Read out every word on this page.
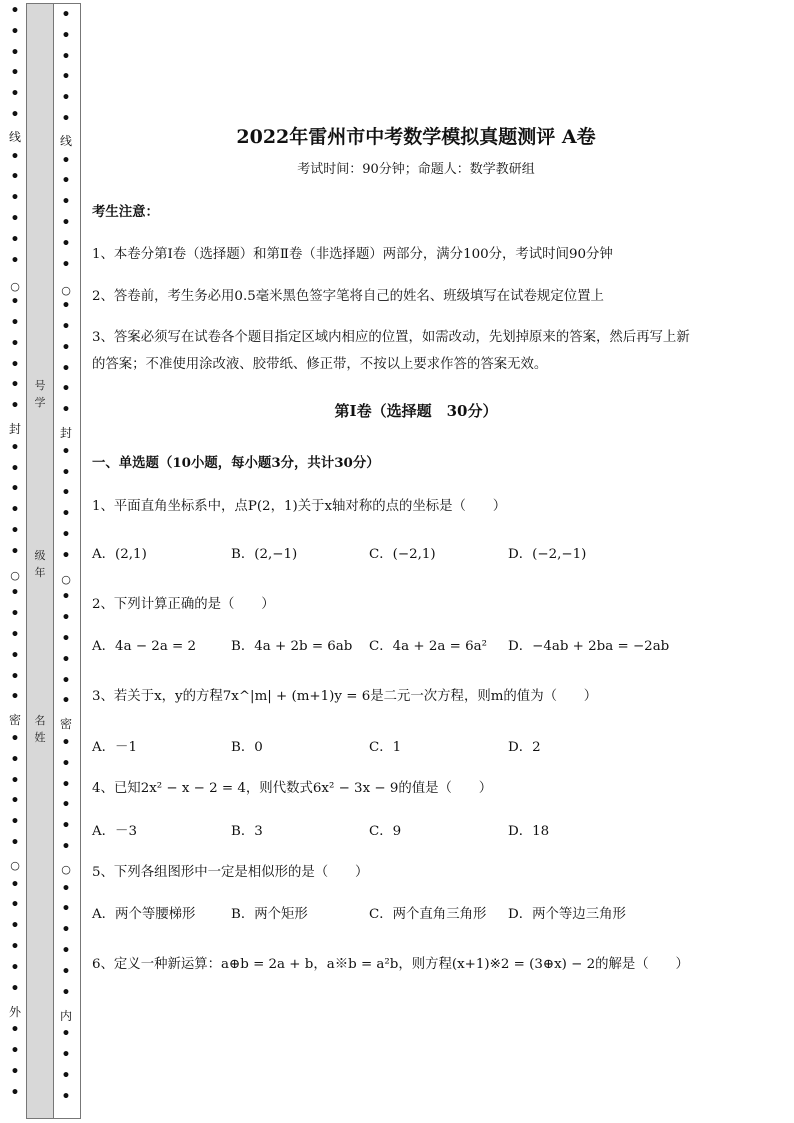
•
•
•
•
•
•
•
•
•
•
•
•
•
•
•
•
•
•
•
•
•
•
•
•
•
•
•
•
•
•
•
•
•
•
•
•
•
•
•
•
•
•
•
•
•
•
线
○
封
○
密
○
外
号
学
级
年
名
姓
•
•
•
•
•
•
•
•
•
•
•
•
•
•
•
•
•
•
•
•
•
•
•
•
•
•
•
•
•
•
•
•
•
•
•
•
•
•
•
•
•
•
•
•
•
•
线
○
封
○
密
○
内
2022年雷州市中考数学模拟真题测评 A卷
考试时间：90分钟；命题人：数学教研组
考生注意：
1、本卷分第I卷（选择题）和第Ⅱ卷（非选择题）两部分，满分100分，考试时间90分钟
2、答卷前，考生务必用0.5毫米黑色签字笔将自己的姓名、班级填写在试卷规定位置上
3、答案必须写在试卷各个题目指定区域内相应的位置，如需改动，先划掉原来的答案，然后再写上新
的答案；不准使用涂改液、胶带纸、修正带，不按以上要求作答的答案无效。
第I卷（选择题　30分）
一、单选题（10小题，每小题3分，共计30分）
1、平面直角坐标系中，点P(2，1)关于x轴对称的点的坐标是（　　）
A．(2,1)	B．(2,−1)	C．(−2,1)	D．(−2,−1)
2、下列计算正确的是（　　）
A．4a − 2a = 2	B．4a + 2b = 6ab C．4a + 2a = 6a² D．−4ab + 2ba = −2ab
3、若关于x，y的方程7x^|m| + (m+1)y = 6是二元一次方程，则m的值为（　　）
A．－1	B．0	C．1	D．2
4、已知2x² − x − 2 = 4，则代数式6x² − 3x − 9的值是（　　）
A．－3	B．3	C．9	D．18
5、下列各组图形中一定是相似形的是（　　）
A．两个等腰梯形	B．两个矩形	C．两个直角三角形 D．两个等边三角形
6、定义一种新运算：a⊕b = 2a + b，a※b = a²b，则方程(x+1)※2 = (3⊕x) − 2的解是（　　）
